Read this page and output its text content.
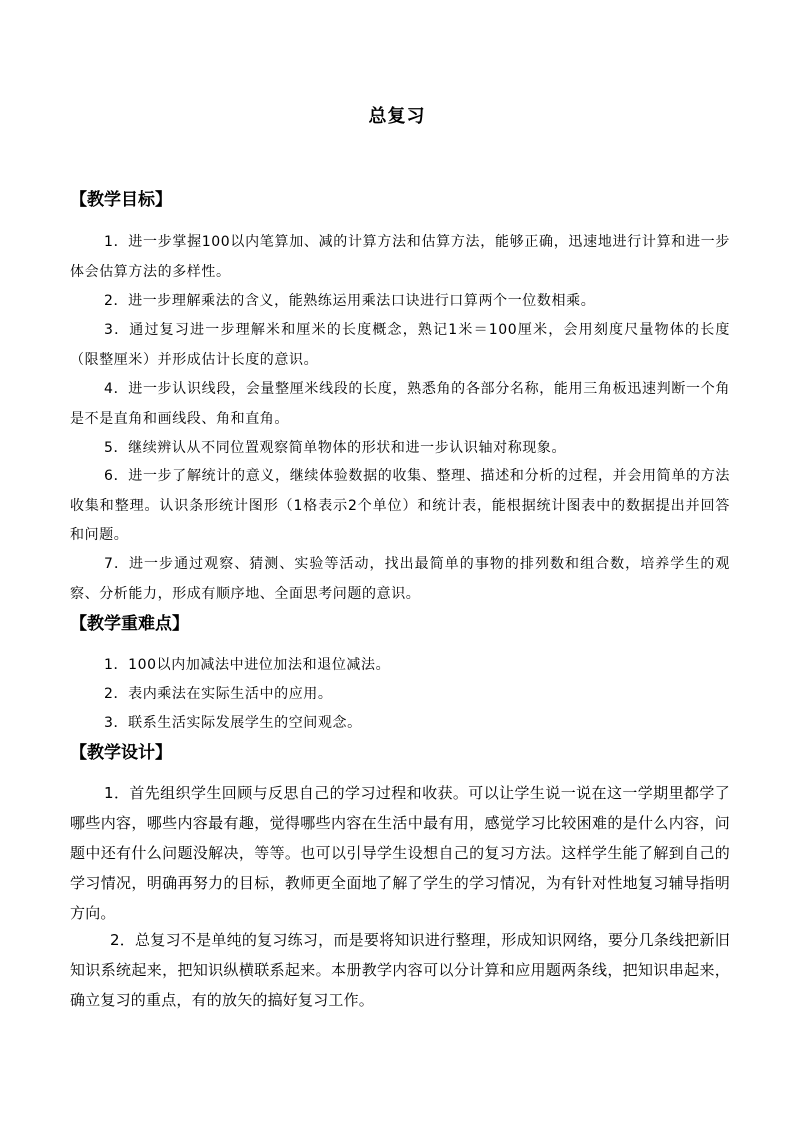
总复习
【教学目标】
1．进一步掌握100以内笔算加、减的计算方法和估算方法，能够正确，迅速地进行计算和进一步体会估算方法的多样性。
2．进一步理解乘法的含义，能熟练运用乘法口诀进行口算两个一位数相乘。
3．通过复习进一步理解米和厘米的长度概念，熟记1米＝100厘米，会用刻度尺量物体的长度（限整厘米）并形成估计长度的意识。
4．进一步认识线段，会量整厘米线段的长度，熟悉角的各部分名称，能用三角板迅速判断一个角是不是直角和画线段、角和直角。
5．继续辨认从不同位置观察简单物体的形状和进一步认识轴对称现象。
6．进一步了解统计的意义，继续体验数据的收集、整理、描述和分析的过程，并会用简单的方法收集和整理。认识条形统计图形（1格表示2个单位）和统计表，能根据统计图表中的数据提出并回答和问题。
7．进一步通过观察、猜测、实验等活动，找出最简单的事物的排列数和组合数，培养学生的观察、分析能力，形成有顺序地、全面思考问题的意识。
【教学重难点】
1．100以内加减法中进位加法和退位减法。
2．表内乘法在实际生活中的应用。
3．联系生活实际发展学生的空间观念。
【教学设计】
1．首先组织学生回顾与反思自己的学习过程和收获。可以让学生说一说在这一学期里都学了哪些内容，哪些内容最有趣，觉得哪些内容在生活中最有用，感觉学习比较困难的是什么内容，问题中还有什么问题没解决，等等。也可以引导学生设想自己的复习方法。这样学生能了解到自己的学习情况，明确再努力的目标，教师更全面地了解了学生的学习情况，为有针对性地复习辅导指明方向。
2．总复习不是单纯的复习练习，而是要将知识进行整理，形成知识网络，要分几条线把新旧知识系统起来，把知识纵横联系起来。本册教学内容可以分计算和应用题两条线，把知识串起来，确立复习的重点，有的放矢的搞好复习工作。
